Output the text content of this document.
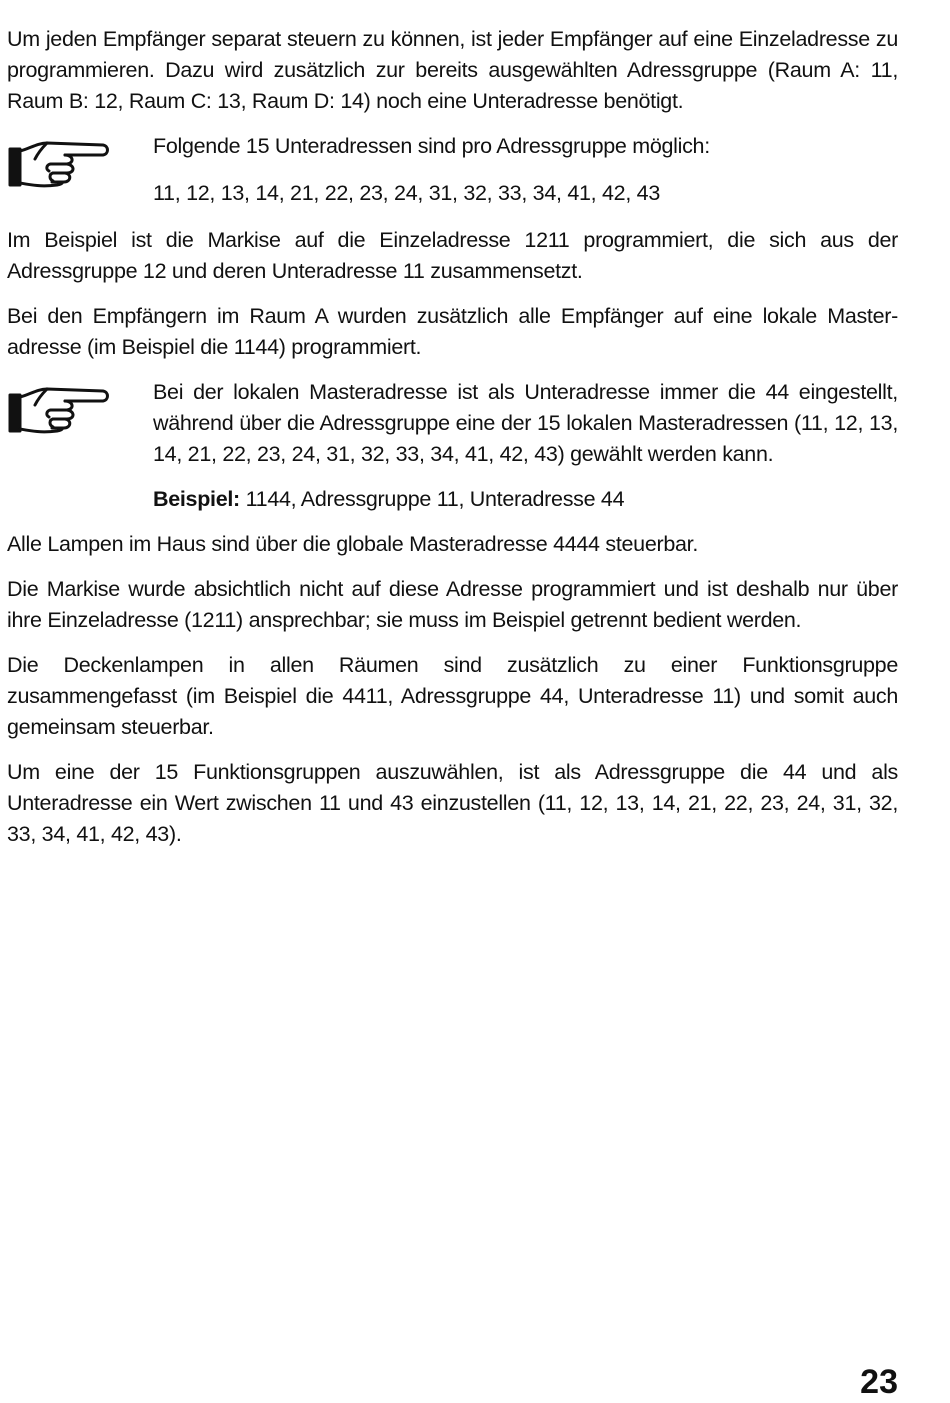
Um jeden Empfänger separat steuern zu können, ist jeder Empfänger auf eine Einzeladresse zu programmieren. Dazu wird zusätzlich zur bereits ausgewählten Adressgruppe (Raum A: 11, Raum B: 12, Raum C: 13, Raum D: 14) noch eine Unteradresse benötigt.

Folgende 15 Unteradressen sind pro Adressgruppe möglich:

11, 12, 13, 14, 21, 22, 23, 24, 31, 32, 33, 34, 41, 42, 43

Im Beispiel ist die Markise auf die Einzeladresse 1211 programmiert, die sich aus der Adressgruppe 12 und deren Unteradresse 11 zusammensetzt.

Bei den Empfängern im Raum A wurden zusätzlich alle Empfänger auf eine lokale Master-adresse (im Beispiel die 1144) programmiert.

Bei der lokalen Masteradresse ist als Unteradresse immer die 44 eingestellt, während über die Adressgruppe eine der 15 lokalen Masteradressen (11, 12, 13, 14, 21, 22, 23, 24, 31, 32, 33, 34, 41, 42, 43) gewählt werden kann.

Beispiel: 1144, Adressgruppe 11, Unteradresse 44

Alle Lampen im Haus sind über die globale Masteradresse 4444 steuerbar.

Die Markise wurde absichtlich nicht auf diese Adresse programmiert und ist deshalb nur über ihre Einzeladresse (1211) ansprechbar; sie muss im Beispiel getrennt bedient werden.

Die Deckenlampen in allen Räumen sind zusätzlich zu einer Funktionsgruppe zusammengefasst (im Beispiel die 4411, Adressgruppe 44, Unteradresse 11) und somit auch gemeinsam steuerbar.

Um eine der 15 Funktionsgruppen auszuwählen, ist als Adressgruppe die 44 und als Unteradresse ein Wert zwischen 11 und 43 einzustellen (11, 12, 13, 14, 21, 22, 23, 24, 31, 32, 33, 34, 41, 42, 43).

23
